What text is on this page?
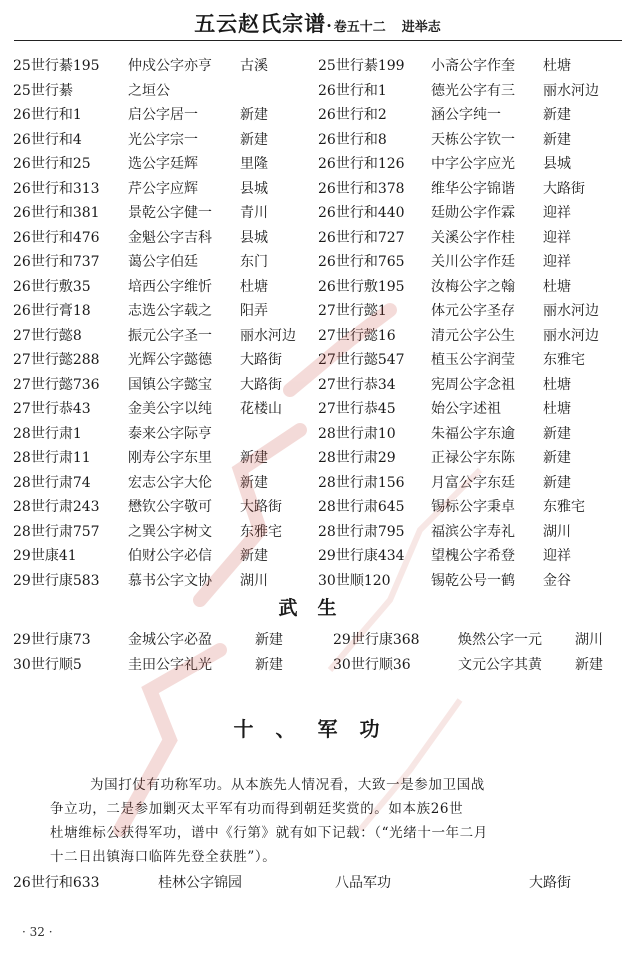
五云赵氏宗谱· 卷五十二 进举志
25世行綦195 仲戍公字亦亨 古溪	25世行綦199 小斋公字作奎 杜塘
25世行綦	之垣公	26世行和1	德光公字有三 丽水河边
26世行和1	启公字居一	新建	26世行和2	涵公字纯一	新建
26世行和4	光公字宗一	新建	26世行和8	天栋公字钦一 新建
26世行和25	选公字廷辉	里隆	26世行和126 中字公字应光 县城
26世行和313 芹公字应辉	县城	26世行和378 维华公字锦谐 大路街
26世行和381 景乾公字健一 青川	26世行和440 廷勋公字作霖 迎祥
26世行和476 金魁公字吉科 县城	26世行和727 关溪公字作桂 迎祥
26世行和737 蔼公字伯廷	东门	26世行和765 关川公字作廷 迎祥
26世行敷35	培西公字维忻 杜塘	26世行敷195 汝梅公字之翰 杜塘
26世行膏18	志选公字载之 阳弄	27世行懿1	体元公字圣存 丽水河边
27世行懿8	振元公字圣一 丽水河边 27世行懿16	清元公字公生 丽水河边
27世行懿288 光辉公字懿德 大路街	27世行懿547 植玉公字润莹 东雅宅
27世行懿736 国镇公字懿宝 大路街	27世行恭34	宪周公字念祖 杜塘
27世行恭43	金美公字以纯 花楼山	27世行恭45	始公字述祖	杜塘
28世行肃1	泰来公字际亨	28世行肃10	朱福公字东逾 新建
28世行肃11	刚寿公字东里 新建	28世行肃29	正禄公字东陈 新建
28世行肃74	宏志公字大伦 新建	28世行肃156 月富公字东廷 新建
28世行肃243 懋钦公字敬可 大路街	28世行肃645 锡标公字秉卓 东雅宅
28世行肃757 之巽公字树文 东雅宅	28世行肃795 福滨公字寿礼 湖川
29世康41	伯财公字必信 新建	29世行康434 望槐公字希登 迎祥
29世行康583 慕书公字文协 湖川	30世顺120	锡乾公号一鹤 金谷
武生
29世行康73	金城公字必盈	新建	29世行康368	焕然公字一元 湖川
30世行顺5	圭田公字礼光	新建	30世行顺36	文元公字其黄 新建
十、军功
为国打仗有功称军功。从本族先人情况看，大致一是参加卫国战
争立功，二是参加剿灭太平军有功而得到朝廷奖赏的。如本族26世
杜塘维标公获得军功，谱中《行第》就有如下记载：（“光绪十一年二月
十二日出镇海口临阵先登全获胜”）。
26世行和633	桂林公字锦园	八品军功	大路街
· 32 ·
